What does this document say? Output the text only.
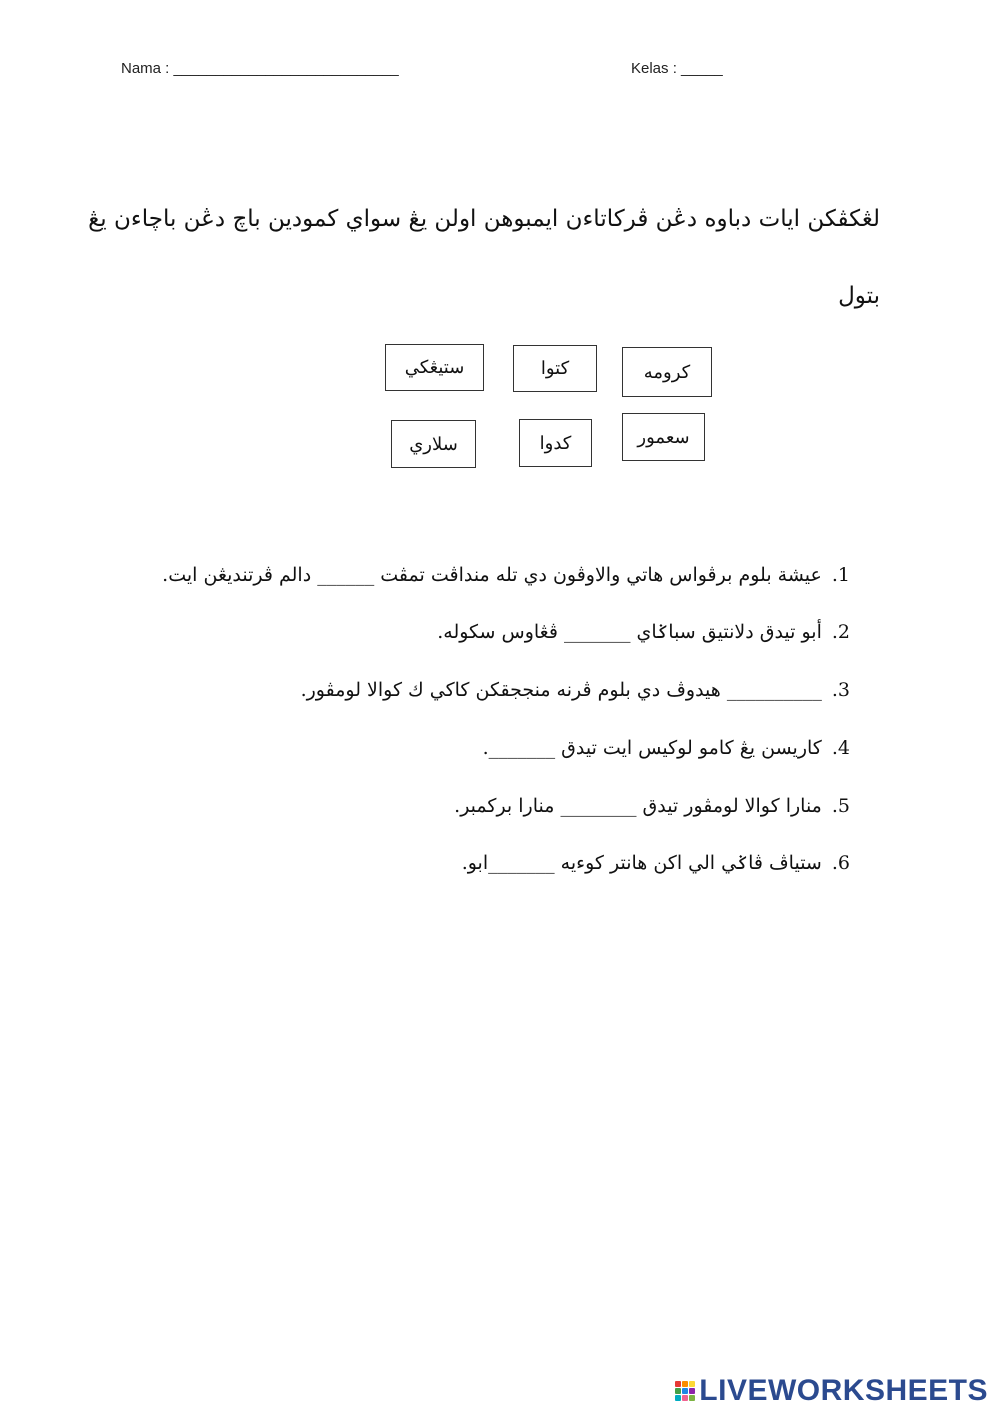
Nama : ___________________________	Kelas : _____
لڠكڤكن ايات دباوه دڠن ڤركاتاءن ايمبوهن اولن يڠ سواي كمودين باچ دڠن باچاءن يڠ
بتول
كرومه
كتوا
ستيڠكي
سعمور
كدوا
سلاري
1.عيشة بلوم برڤواس هاتي والاوڤون دي تله منداڤت تمڤت ______ دالم ڤرتنديڠن ايت.
2.أبو تيدق دلانتيق سباݢاي _______ ڤڠاوس سكوله.
3.__________ هيدوڤ دي بلوم ڤرنه منججقكن كاكي ك كوالا لومڤور.
4.كاريسن يڠ كامو لوكيس ايت تيدق _______.
5.منارا كوالا لومڤور تيدق ________ منارا بركمبر.
6.ستياڤ ڤاݢي الي اكن هانتر كوءيه _______ابو.
LIVEWORKSHEETS
